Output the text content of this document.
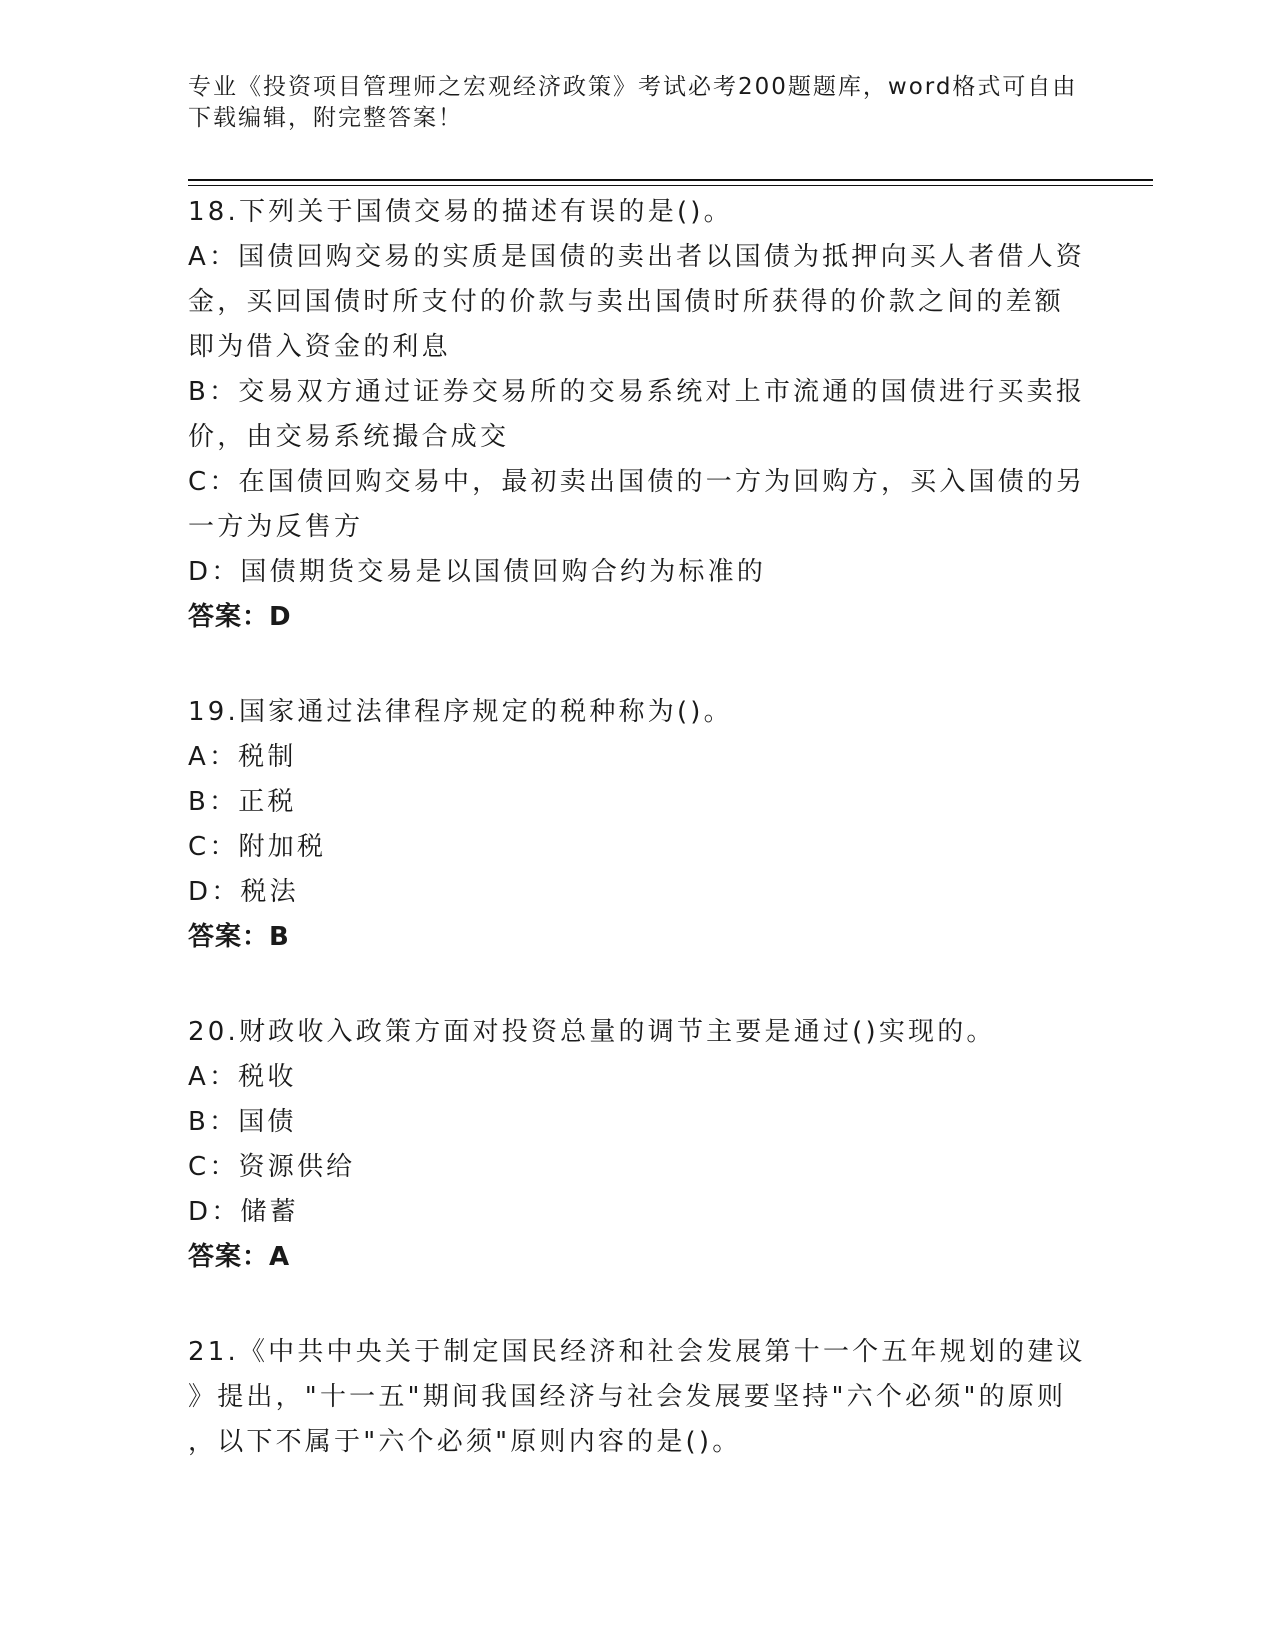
专业《投资项目管理师之宏观经济政策》考试必考200题题库，word格式可自由
下载编辑，附完整答案！
18.下列关于国债交易的描述有误的是()。
A：国债回购交易的实质是国债的卖出者以国债为抵押向买人者借人资
金，买回国债时所支付的价款与卖出国债时所获得的价款之间的差额
即为借入资金的利息
B：交易双方通过证券交易所的交易系统对上市流通的国债进行买卖报
价，由交易系统撮合成交
C：在国债回购交易中，最初卖出国债的一方为回购方，买入国债的另
一方为反售方
D：国债期货交易是以国债回购合约为标准的
答案：D
19.国家通过法律程序规定的税种称为()。
A：税制
B：正税
C：附加税
D：税法
答案：B
20.财政收入政策方面对投资总量的调节主要是通过()实现的。
A：税收
B：国债
C：资源供给
D：储蓄
答案：A
21.《中共中央关于制定国民经济和社会发展第十一个五年规划的建议
》提出，"十一五"期间我国经济与社会发展要坚持"六个必须"的原则
，以下不属于"六个必须"原则内容的是()。
